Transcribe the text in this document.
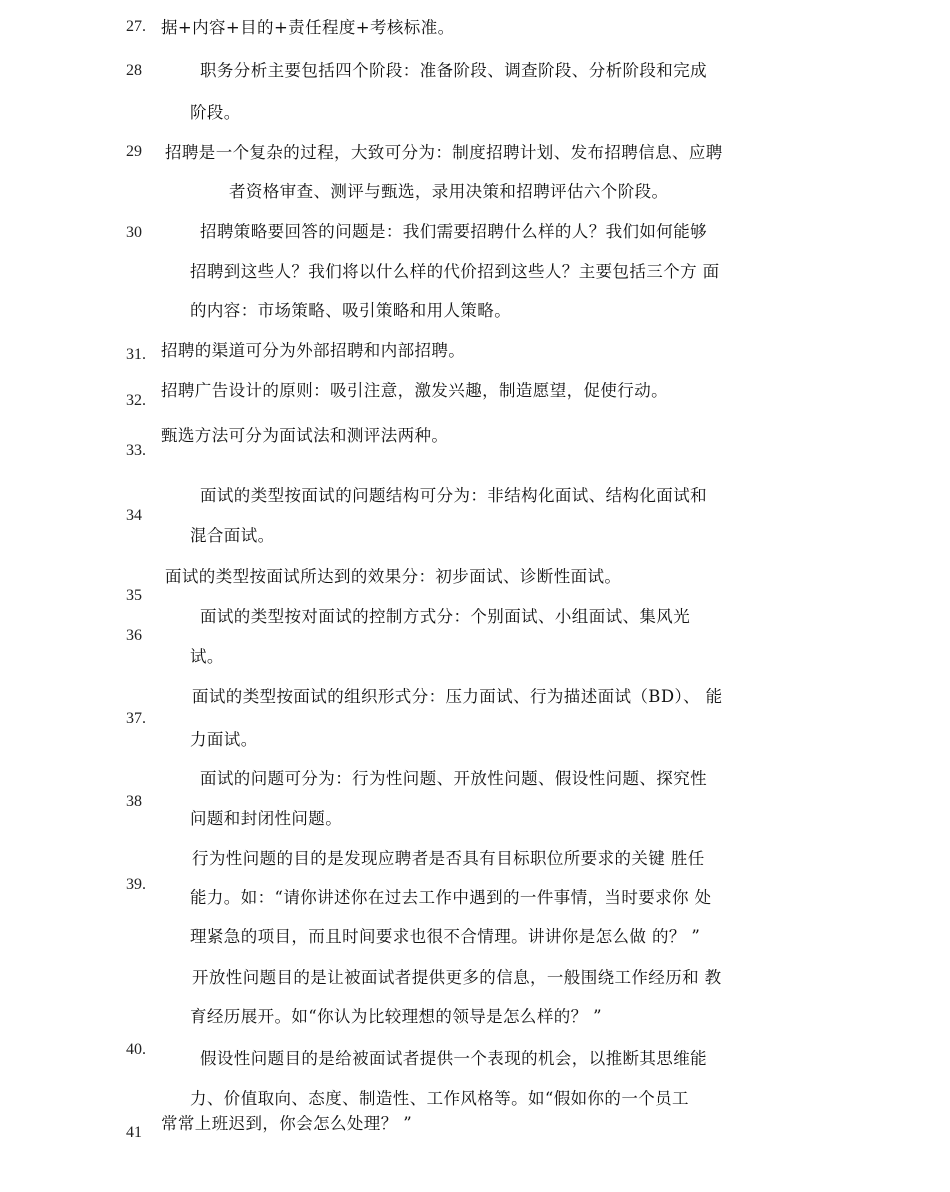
27. 据+内容+目的+责任程度+考核标准。
28	职务分析主要包括四个阶段：准备阶段、调查阶段、分析阶段和完成
阶段。
29 招聘是一个复杂的过程，大致可分为：制度招聘计划、发布招聘信息、应聘
者资格审查、测评与甄选，录用决策和招聘评估六个阶段。
30	招聘策略要回答的问题是：我们需要招聘什么样的人？我们如何能够
招聘到这些人？我们将以什么样的代价招到这些人？主要包括三个方 面
的内容：市场策略、吸引策略和用人策略。
31. 招聘的渠道可分为外部招聘和内部招聘。
32.
招聘广告设计的原则：吸引注意，激发兴趣，制造愿望，促使行动。
33.
甄选方法可分为面试法和测评法两种。
34
面试的类型按面试的问题结构可分为：非结构化面试、结构化面试和
混合面试。
35
面试的类型按面试所达到的效果分：初步面试、诊断性面试。
36
面试的类型按对面试的控制方式分：个别面试、小组面试、集风光
试。
37.
面试的类型按面试的组织形式分：压力面试、行为描述面试（BD）、 能
力面试。
38
面试的问题可分为：行为性问题、开放性问题、假设性问题、探究性
问题和封闭性问题。
39.
行为性问题的目的是发现应聘者是否具有目标职位所要求的关键 胜任
能力。如：“请你讲述你在过去工作中遇到的一件事情，当时要求你 处
理紧急的项目，而且时间要求也很不合情理。讲讲你是怎么做 的？ ”
开放性问题目的是让被面试者提供更多的信息，一般围绕工作经历和 教
育经历展开。如“你认为比较理想的领导是怎么样的？ ”
40.	假设性问题目的是给被面试者提供一个表现的机会，以推断其思维能
力、价值取向、态度、制造性、工作风格等。如“假如你的一个员工
41 常常上班迟到，你会怎么处理？ ”
